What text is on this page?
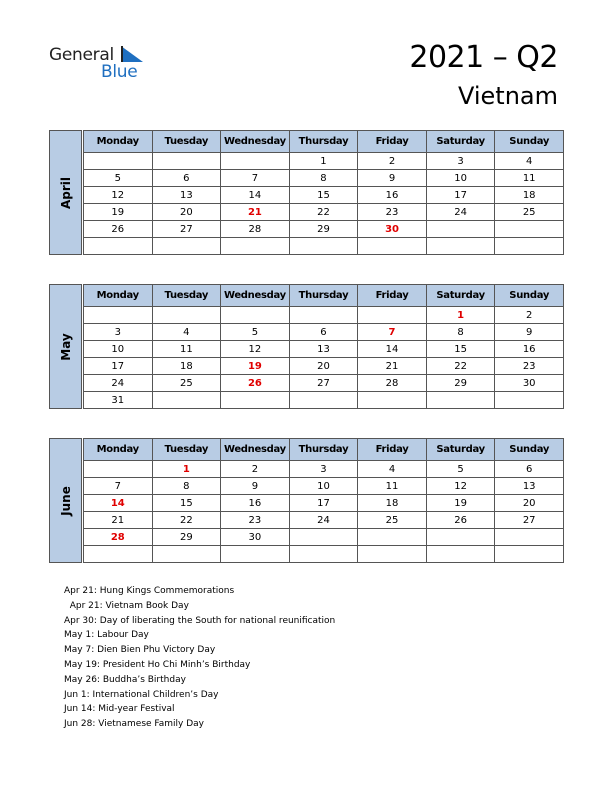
General
Blue	2021 – Q2
Vietnam
April
Monday	Tuesday	Wednesday	Thursday	Friday	Saturday	Sunday
			1	2	3	4
5	6	7	8	9	10	11
12	13	14	15	16	17	18
19	20	21	22	23	24	25
26	27	28	29	30		

May
Monday	Tuesday	Wednesday	Thursday	Friday	Saturday	Sunday
					1	2
3	4	5	6	7	8	9
10	11	12	13	14	15	16
17	18	19	20	21	22	23
24	25	26	27	28	29	30
31						
June
Monday	Tuesday	Wednesday	Thursday	Friday	Saturday	Sunday
	1	2	3	4	5	6
7	8	9	10	11	12	13
14	15	16	17	18	19	20
21	22	23	24	25	26	27
28	29	30				

Apr 21: Hung Kings Commemorations
Apr 21: Vietnam Book Day
Apr 30: Day of liberating the South for national reunification
May 1: Labour Day
May 7: Dien Bien Phu Victory Day
May 19: President Ho Chi Minh’s Birthday
May 26: Buddha’s Birthday
Jun 1: International Children’s Day
Jun 14: Mid-year Festival
Jun 28: Vietnamese Family Day
